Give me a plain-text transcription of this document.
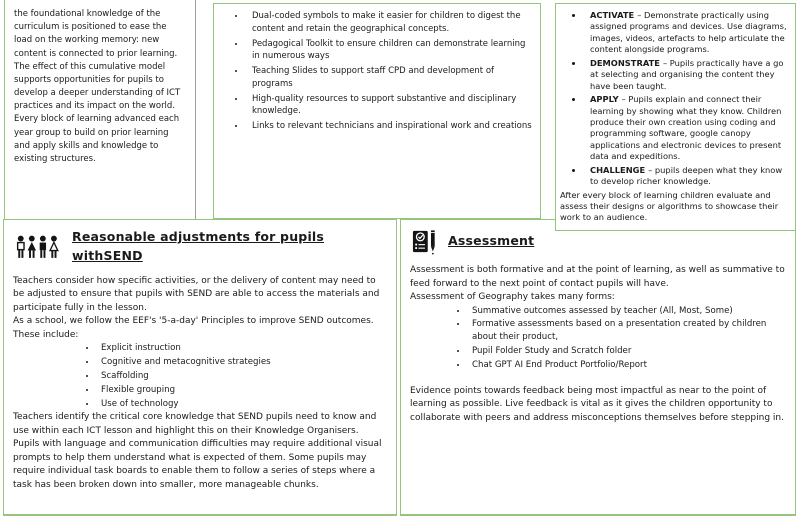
the foundational knowledge of the curriculum is positioned to ease the load on the working memory: new content is connected to prior learning. The effect of this cumulative model supports opportunities for pupils to develop a deeper understanding of ICT practices and its impact on the world. Every block of learning advanced each year group to build on prior learning and apply skills and knowledge to existing structures.

• Dual-coded symbols to make it easier for children to digest the content and retain the geographical concepts.
• Pedagogical Toolkit to ensure children can demonstrate learning in numerous ways
• Teaching Slides to support staff CPD and development of programs
• High-quality resources to support substantive and disciplinary knowledge.
• Links to relevant technicians and inspirational work and creations
• ACTIVATE – Demonstrate practically using assigned programs and devices. Use diagrams, images, videos, artefacts to help articulate the content alongside programs.
• DEMONSTRATE – Pupils practically have a go at selecting and organising the content they have been taught.
• APPLY – Pupils explain and connect their learning by showing what they know. Children produce their own creation using coding and programming software, google canopy applications and electronic devices to present data and expeditions.
• CHALLENGE – pupils deepen what they know to develop richer knowledge.

After every block of learning children evaluate and assess their designs or algorithms to showcase their work to an audience.

Reasonable adjustments for pupils withSEND

Teachers consider how specific activities, or the delivery of content may need to be adjusted to ensure that pupils with SEND are able to access the materials and participate fully in the lesson.

As a school, we follow the EEF's '5-a-day' Principles to improve SEND outcomes. These include:

• Explicit instruction
• Cognitive and metacognitive strategies
• Scaffolding
• Flexible grouping
• Use of technology

Teachers identify the critical core knowledge that SEND pupils need to know and use within each ICT lesson and highlight this on their Knowledge Organisers.

Pupils with language and communication difficulties may require additional visual prompts to help them understand what is expected of them. Some pupils may require individual task boards to enable them to follow a series of steps where a task has been broken down into smaller, more manageable chunks.

Assessment

Assessment is both formative and at the point of learning, as well as summative to feed forward to the next point of contact pupils will have.

Assessment of Geography takes many forms:

• Summative outcomes assessed by teacher (All, Most, Some)
• Formative assessments based on a presentation created by children about their product,
• Pupil Folder Study and Scratch folder
• Chat GPT AI End Product Portfolio/Report

Evidence points towards feedback being most impactful as near to the point of learning as possible. Live feedback is vital as it gives the children opportunity to collaborate with peers and address misconceptions themselves before stepping in.
